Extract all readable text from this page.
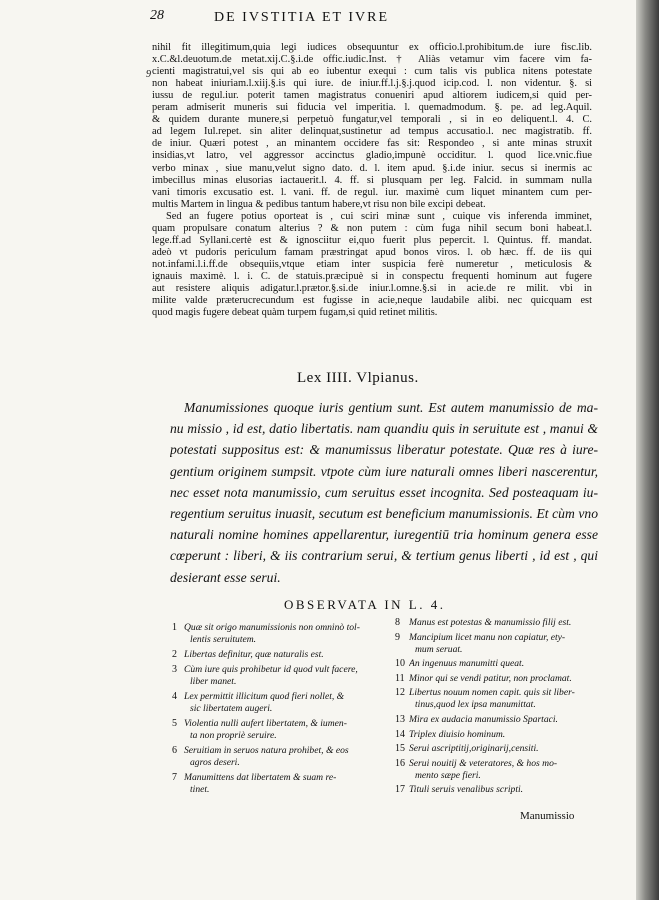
28	DE IVSTITIA ET IVRE
9
nihil fit illegitimum,quia legi iudices obsequuntur ex officio.l.prohibitum.de iure fisc.lib.
x.C.&l.deuotum.de metat.xij.C.§.i.de offic.iudic.Inst. † Aliàs vetamur vim facere vim fa-
cienti magistratui,vel sis qui ab eo iubentur exequi : cum talis vis publica nitens potestate
non habeat iniuriam.l.xiij.§.is qui iure. de iniur.ff.l.j.§.j.quod icip.cod. l. non videntur. §. si
iussu de regul.iur. poterit tamen magistratus conueniri apud altiorem iudicem,si quid per-
peram admiserit muneris sui fiducia vel imperitia. l. quemadmodum. §. pe. ad leg.Aquil.
& quidem durante munere,si perpetuò fungatur,vel temporali , si in eo deliquent.l. 4. C.
ad legem Iul.repet. sin aliter delinquat,sustinetur ad tempus accusatio.l. nec magistratib. ff.
de iniur. Quæri potest , an minantem occidere fas sit: Respondeo , si ante minas struxit
insidias,vt latro, vel aggressor accinctus gladio,impunè occiditur. l. quod lice.vnic.fiue
verbo minax , siue manu,velut signo dato. d. l. item apud. §.i.de iniur. secus si inermis ac
imbecillus minas elusorias iactauerit.l. 4. ff. si plusquam per leg. Falcid. in summam nulla
vani timoris excusatio est. l. vani. ff. de regul. iur. maximè cum liquet minantem cum per-
multis Martem in lingua & pedibus tantum habere,vt risu non bile excipi debeat.
Sed an fugere potius oporteat is , cui sciri minæ sunt , cuique vis inferenda imminet,
quam propulsare conatum alterius ? & non putem : cùm fuga nihil secum boni habeat.l.
lege.ff.ad Syllani.certè est & ignosciitur ei,quo fuerit plus pepercit. l. Quintus. ff. mandat.
adeò vt pudoris periculum famam præstringat apud bonos viros. l. ob hæc. ff. de iis qui
not.infami.l.i.ff.de obsequiis,vtque etiam inter suspicia ferè numeretur , meticulosis &
ignauis maximè. l. i. C. de statuis.præcipuè si in conspectu frequenti hominum aut fugere
aut resistere aliquis adigatur.l.prætor.§.si.de iniur.l.omne.§.si in acie.de re milit. vbi in
milite valde præterucrecundum est fugisse in acie,neque laudabile alibi. nec quicquam est
quod magis fugere debeat quàm turpem fugam,si quid retinet militis.
Lex IIII. Vlpianus.
Manumissiones quoque iuris gentium sunt. Est autem manumissio de ma-
nu missio , id est, datio libertatis. nam quandiu quis in seruitute est , manui &
potestati suppositus est: & manumissus liberatur potestate. Quæ res à iure-
gentium originem sumpsit. vtpote cùm iure naturali omnes liberi nascerentur,
nec esset nota manumissio, cum seruitus esset incognita. Sed posteaquam iu-
regentium seruitus inuasit, secutum est beneficium manumissionis. Et cùm vno
naturali nomine homines appellarentur, iuregentiū tria hominum genera esse
cœperunt : liberi, & iis contrarium serui, & tertium genus liberti , id est , qui
desierant esse serui.
OBSERVATA IN L. 4.
1 Quæ sit origo manumissionis non omninò tol-
lentis seruitutem.
2 Libertas definitur, quæ naturalis est.
3 Cùm iure quis prohibetur id quod vult facere,
liber manet.
4 Lex permittit illicitum quod fieri nollet, &
sic libertatem augeri.
5 Violentia nulli aufert libertatem, & iumen-
ta non propriè seruire.
6 Seruitiam in seruos natura prohibet, & eos
agros deseri.
7 Manumittens dat libertatem & suam re-
tinet.
8 Manus est potestas & manumissio filij est.
9 Mancipium licet manu non capiatur, ety-
mum seruat.
10 An ingenuus manumitti queat.
11 Minor qui se vendi patitur, non proclamat.
12 Libertus nouum nomen capit. quis sit liber-
tinus,quod lex ipsa manumittat.
13 Mira ex audacia manumissio Spartaci.
14 Triplex diuisio hominum.
15 Serui ascriptitij,originarij,censiti.
16 Serui nouitij & veteratores, & hos mo-
mento sæpe fieri.
17 Tituli seruis venalibus scripti.
Manumissio
